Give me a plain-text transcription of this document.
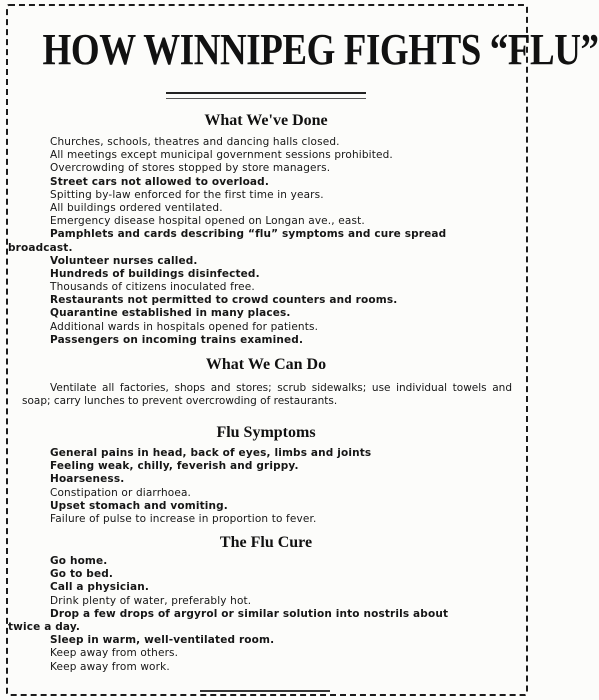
HOW WINNIPEG FIGHTS “FLU”
What We've Done
Churches, schools, theatres and dancing halls closed.
All meetings except municipal government sessions prohibited.
Overcrowding of stores stopped by store managers.
Street cars not allowed to overload.
Spitting by-law enforced for the first time in years.
All buildings ordered ventilated.
Emergency disease hospital opened on Longan ave., east.
Pamphlets and cards describing “flu” symptoms and cure spread
broadcast.
Volunteer nurses called.
Hundreds of buildings disinfected.
Thousands of citizens inoculated free.
Restaurants not permitted to crowd counters and rooms.
Quarantine established in many places.
Additional wards in hospitals opened for patients.
Passengers on incoming trains examined.
What We Can Do
Ventilate all factories, shops and stores; scrub sidewalks; use individual towels and soap; carry lunches to prevent overcrowding of restaurants.
Flu Symptoms
General pains in head, back of eyes, limbs and joints
Feeling weak, chilly, feverish and grippy.
Hoarseness.
Constipation or diarrhoea.
Upset stomach and vomiting.
Failure of pulse to increase in proportion to fever.
The Flu Cure
Go home.
Go to bed.
Call a physician.
Drink plenty of water, preferably hot.
Drop a few drops of argyrol or similar solution into nostrils about
twice a day.
Sleep in warm, well-ventilated room.
Keep away from others.
Keep away from work.
